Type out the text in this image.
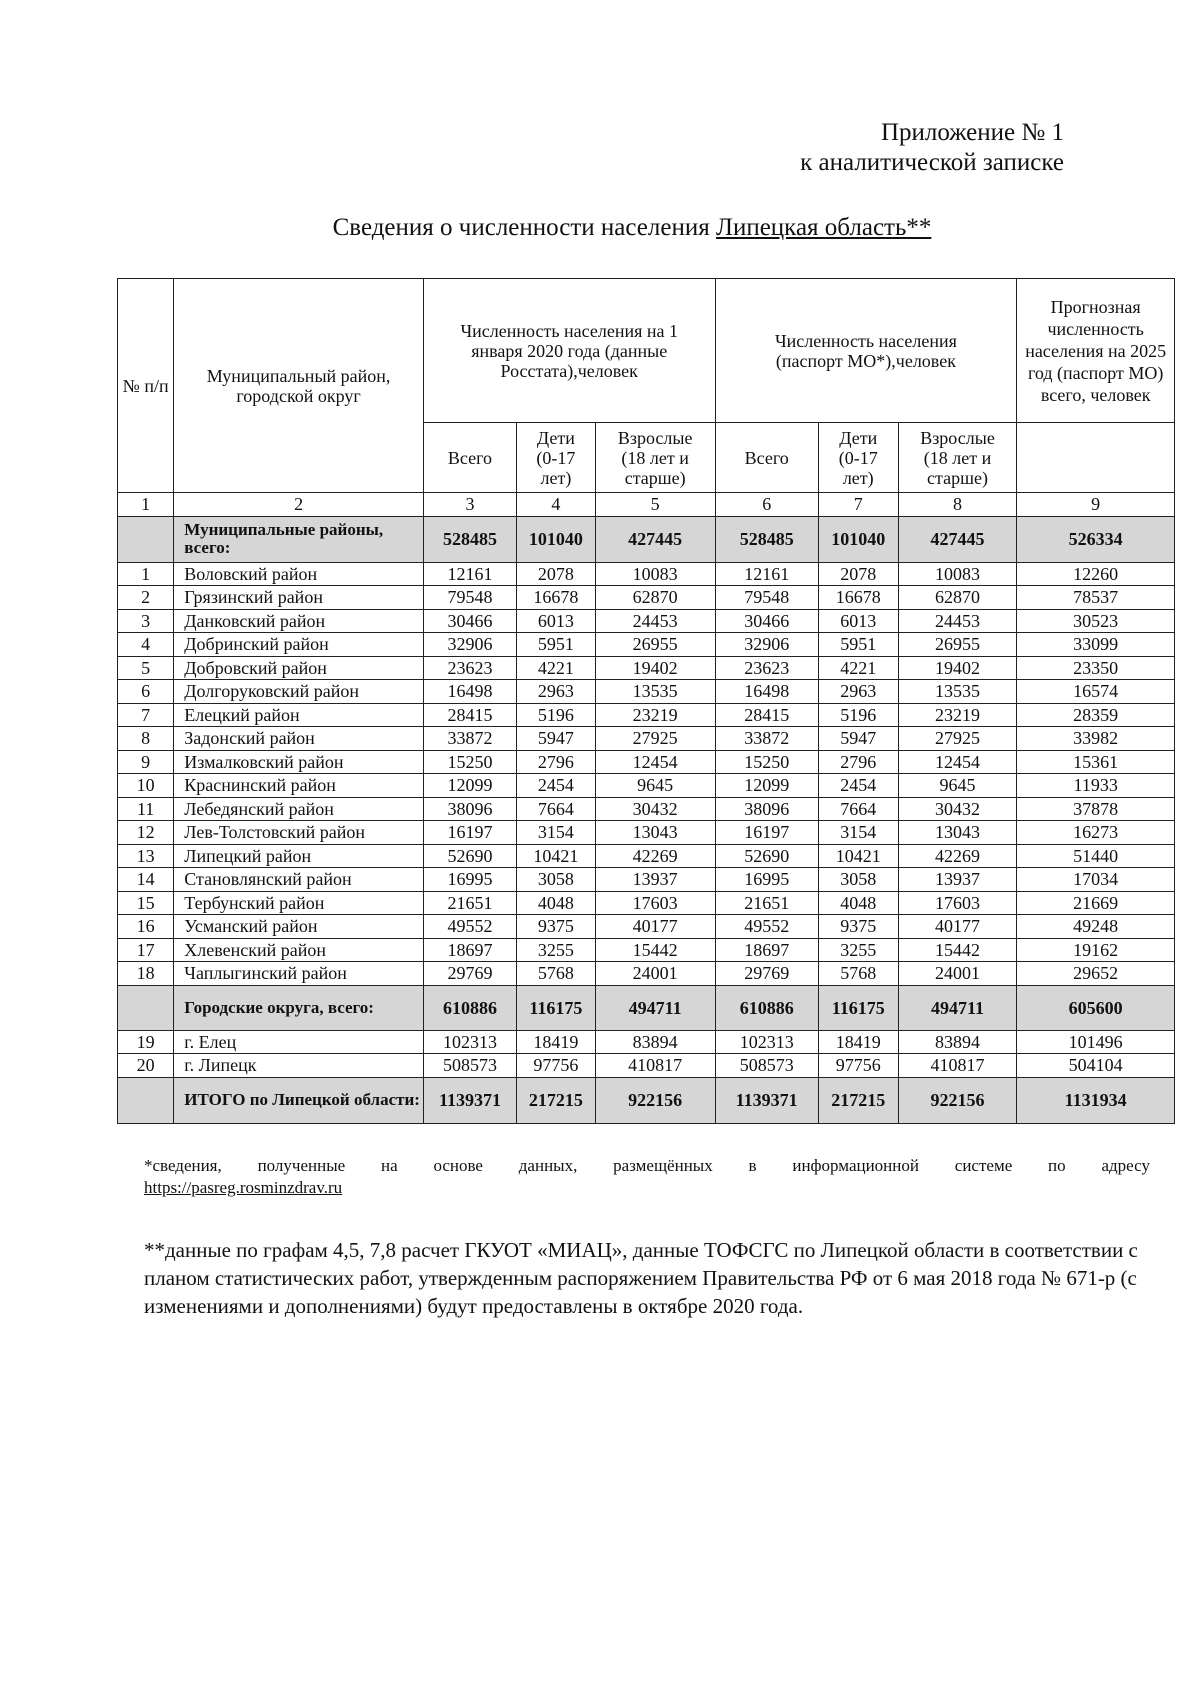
Приложение № 1
к аналитической записке
Сведения о численности населения Липецкая область**
№ п/п	Муниципальный район, городской округ	Численность населения на 1 января 2020 года (данные Росстата),человек			Численность населения (паспорт МО*),человек			Прогнозная численность населения на 2025 год (паспорт МО) всего, человек
		Всего	Дети (0-17 лет)	Взрослые (18 лет и старше)	Всего	Дети (0-17 лет)	Взрослые (18 лет и старше)	
1	2	3	4	5	6	7	8	9
	Муниципальные районы, всего:	528485	101040	427445	528485	101040	427445	526334
1	Воловский район	12161	2078	10083	12161	2078	10083	12260
2	Грязинский район	79548	16678	62870	79548	16678	62870	78537
3	Данковский район	30466	6013	24453	30466	6013	24453	30523
4	Добринский район	32906	5951	26955	32906	5951	26955	33099
5	Добровский район	23623	4221	19402	23623	4221	19402	23350
6	Долгоруковский район	16498	2963	13535	16498	2963	13535	16574
7	Елецкий район	28415	5196	23219	28415	5196	23219	28359
8	Задонский район	33872	5947	27925	33872	5947	27925	33982
9	Измалковский район	15250	2796	12454	15250	2796	12454	15361
10	Краснинский район	12099	2454	9645	12099	2454	9645	11933
11	Лебедянский район	38096	7664	30432	38096	7664	30432	37878
12	Лев-Толстовский район	16197	3154	13043	16197	3154	13043	16273
13	Липецкий район	52690	10421	42269	52690	10421	42269	51440
14	Становлянский район	16995	3058	13937	16995	3058	13937	17034
15	Тербунский район	21651	4048	17603	21651	4048	17603	21669
16	Усманский район	49552	9375	40177	49552	9375	40177	49248
17	Хлевенский район	18697	3255	15442	18697	3255	15442	19162
18	Чаплыгинский район	29769	5768	24001	29769	5768	24001	29652
	Городские округа, всего:	610886	116175	494711	610886	116175	494711	605600
19	г. Елец	102313	18419	83894	102313	18419	83894	101496
20	г. Липецк	508573	97756	410817	508573	97756	410817	504104
	ИТОГО по Липецкой области:	1139371	217215	922156	1139371	217215	922156	1131934
*сведения, полученные на основе данных, размещённых в информационной системе по адресу
https://pasreg.rosminzdrav.ru
**данные по графам 4,5, 7,8 расчет ГКУОТ «МИАЦ», данные ТОФСГС по Липецкой области в соответствии с планом статистических работ, утвержденным распоряжением Правительства РФ от 6 мая 2018 года № 671-р (с изменениями и дополнениями) будут предоставлены в октябре 2020 года.
